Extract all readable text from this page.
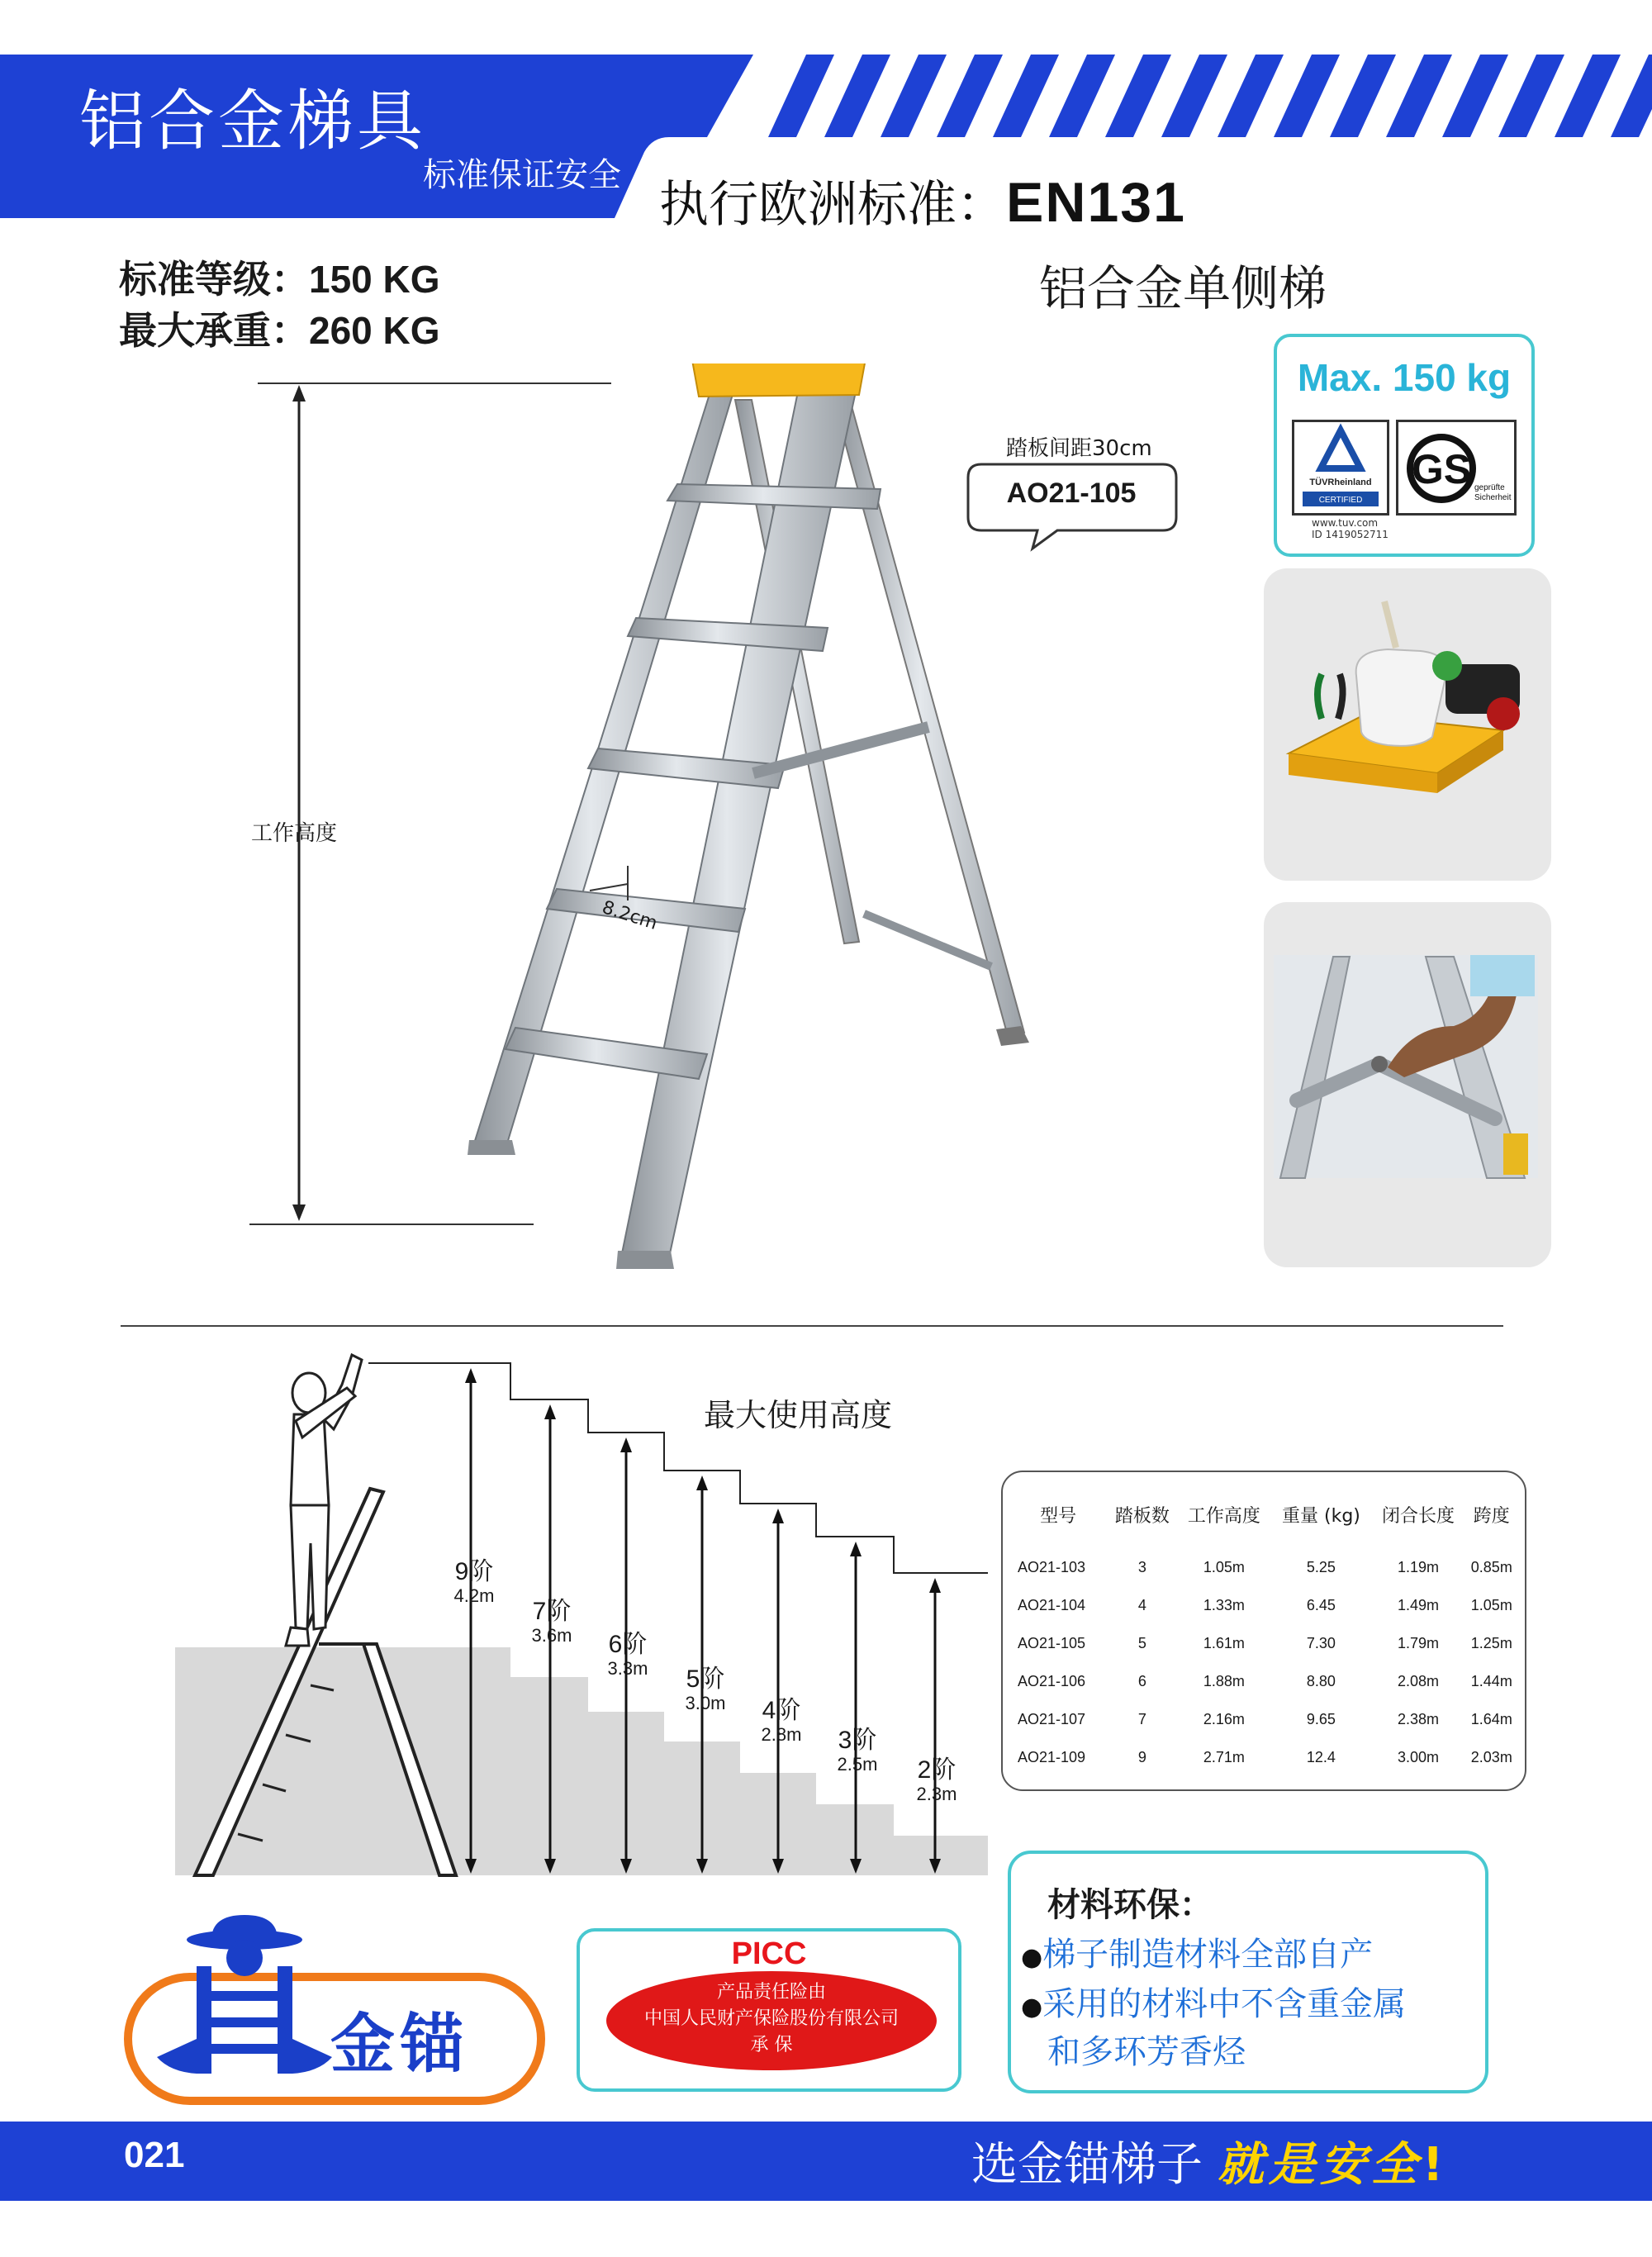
铝合金梯具
标准保证安全
执行欧洲标准：EN131
标准等级：150 KG
最大承重：260 KG
铝合金单侧梯
工作高度
踏板间距30cm
AO21-105
8.2cm
Max. 150 kg
TÜVRheinland
CERTIFIED
GS geprüfte
Sicherheit
www.tuv.com
ID 1419052711
最大使用高度
9阶
4.2m
7阶
3.6m	6阶
3.3m	5阶
3.0m	4阶
2.8m	3阶
2.5m	2阶
2.3m
型号	踏板数	工作高度	重量 (kg)	闭合长度	跨度
AO21-103	3	1.05m	5.25	1.19m	0.85m
AO21-104	4	1.33m	6.45	1.49m	1.05m
AO21-105	5	1.61m	7.30	1.79m	1.25m
AO21-106	6	1.88m	8.80	2.08m	1.44m
AO21-107	7	2.16m	9.65	2.38m	1.64m
AO21-109	9	2.71m	12.4	3.00m	2.03m
金锚
PICC
产品责任险由
中国人民财产保险股份有限公司
承 保
材料环保：
●梯子制造材料全部自产
●采用的材料中不含重金属
和多环芳香烃
021	选金锚梯子 就是安全!
